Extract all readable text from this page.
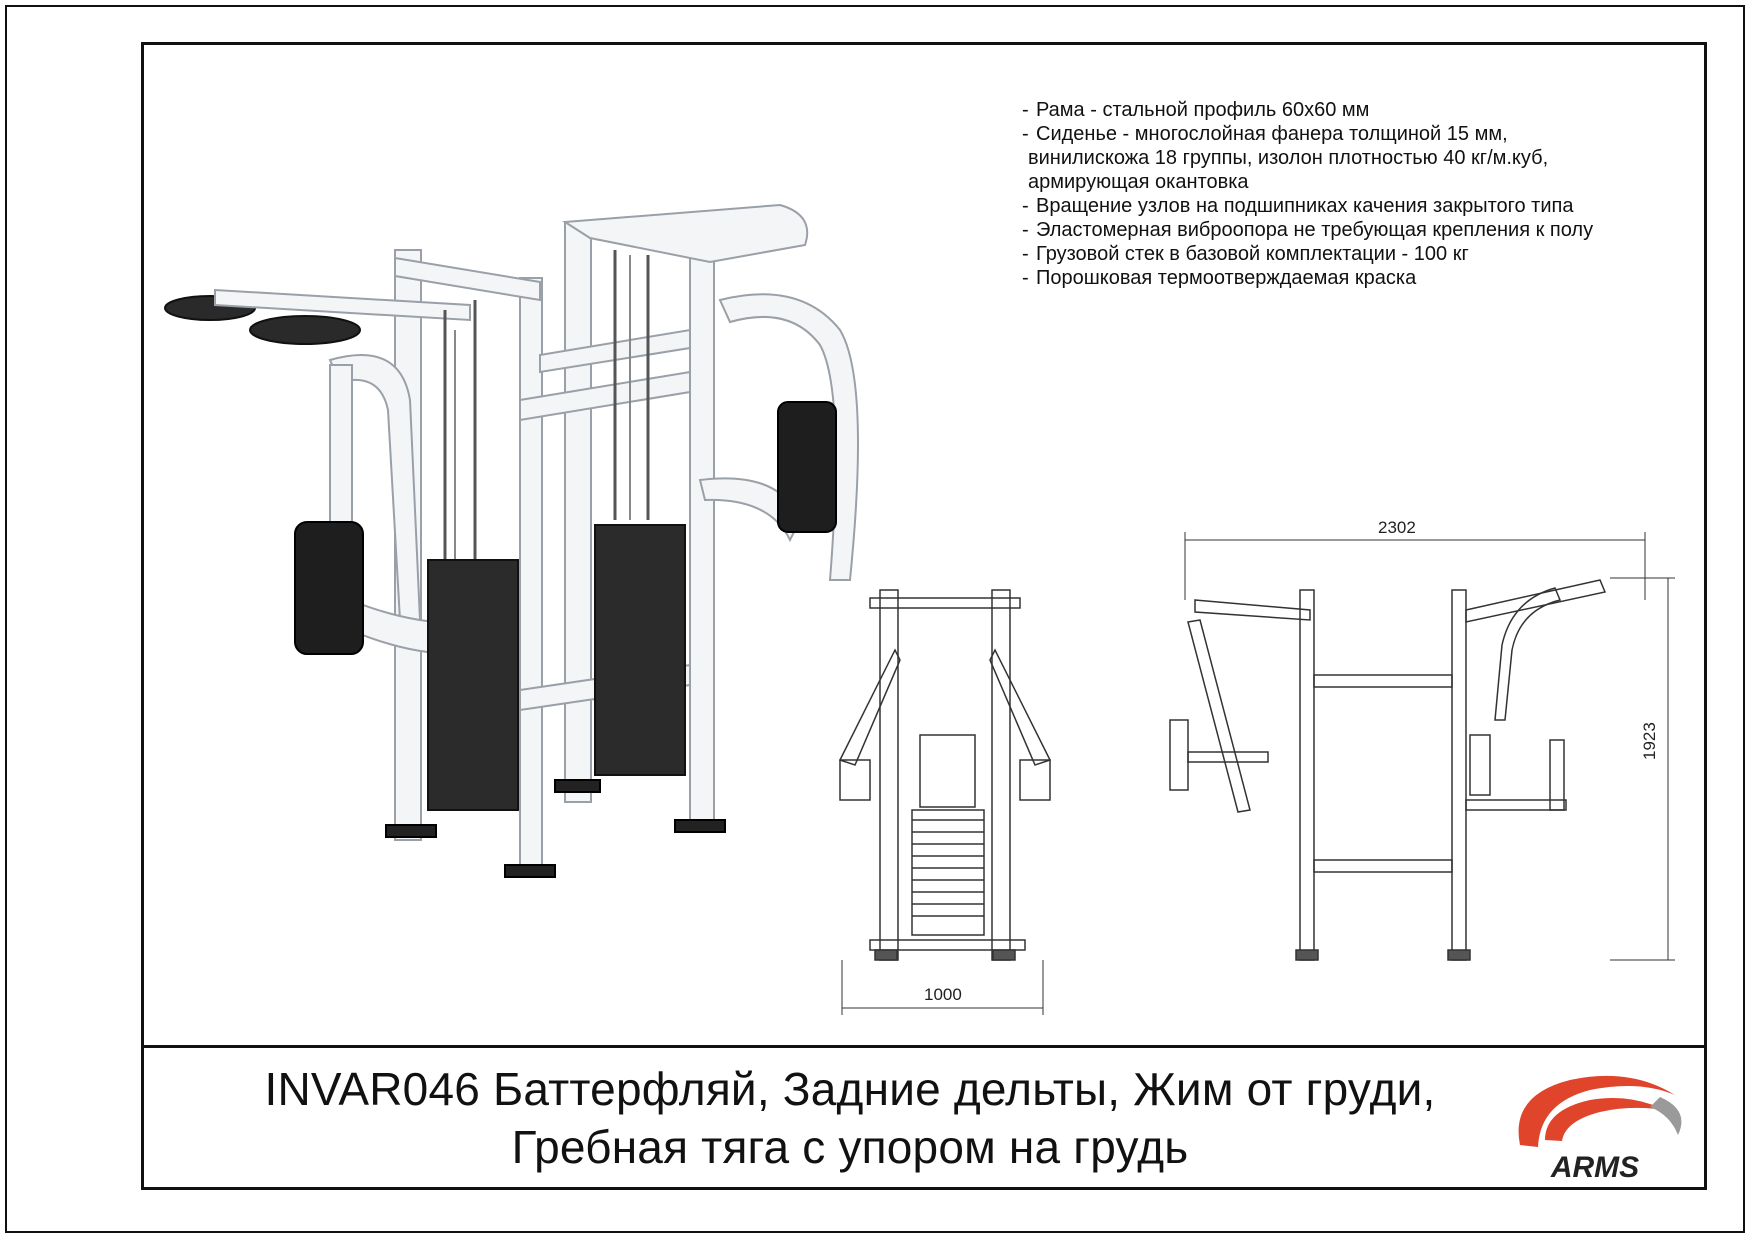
- Рама - стальной профиль 60х60 мм
- Сиденье - многослойная фанера толщиной 15 мм,
винилискожа 18 группы, изолон плотностью 40 кг/м.куб,
армирующая окантовка
- Вращение узлов на подшипниках качения закрытого типа
- Эластомерная виброопора не требующая крепления к полу
- Грузовой стек в базовой комплектации - 100 кг
- Порошковая термоотверждаемая краска
1000
2302
1923
INVAR046 Баттерфляй, Задние дельты, Жим от груди,
Гребная тяга с упором на грудь	ARMS
